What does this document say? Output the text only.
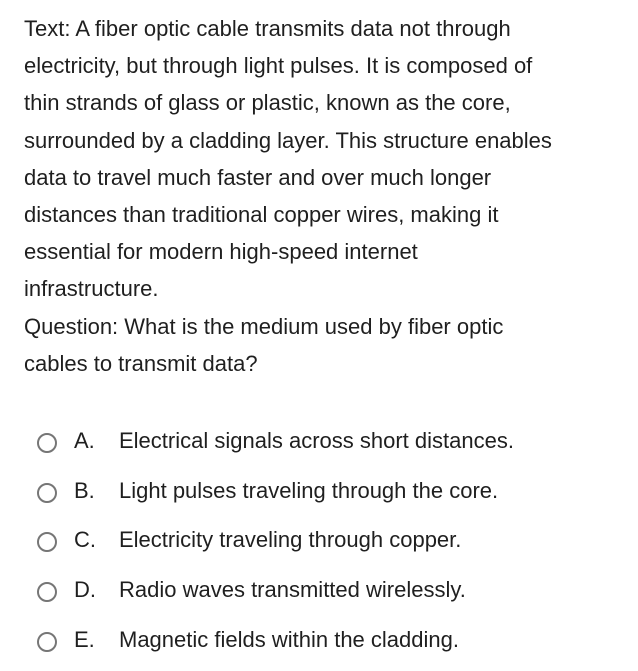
Text: A fiber optic cable transmits data not through
electricity, but through light pulses. It is composed of
thin strands of glass or plastic, known as the core,
surrounded by a cladding layer. This structure enables
data to travel much faster and over much longer
distances than traditional copper wires, making it
essential for modern high-speed internet
infrastructure.
Question: What is the medium used by fiber optic
cables to transmit data?
A.	Electrical signals across short distances.
B.	Light pulses traveling through the core.
C.	Electricity traveling through copper.
D.	Radio waves transmitted wirelessly.
E.	Magnetic fields within the cladding.
